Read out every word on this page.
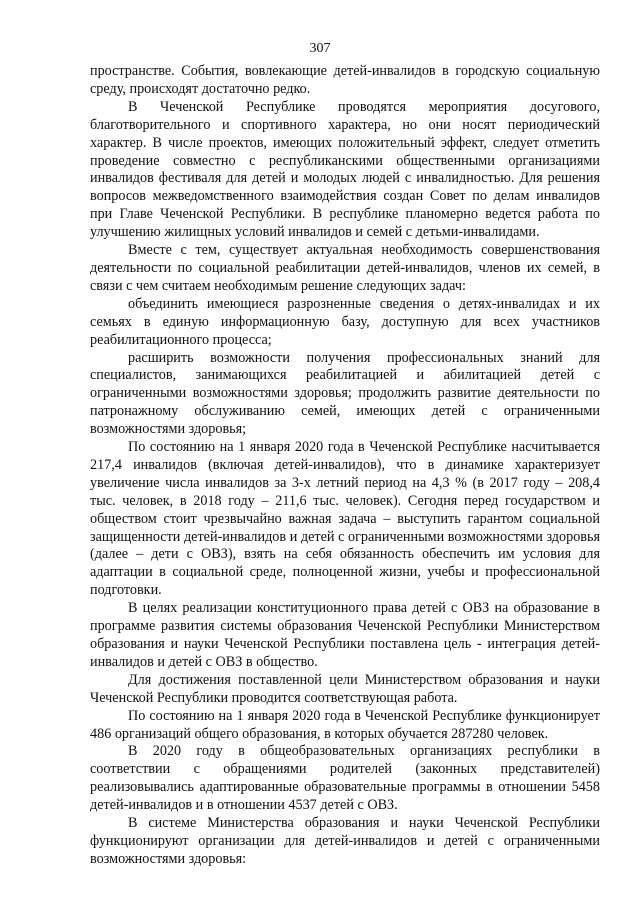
307

пространстве. События, вовлекающие детей-инвалидов в городскую социальную среду, происходят достаточно редко.

В Чеченской Республике проводятся мероприятия досугового, благотворительного и спортивного характера, но они носят периодический характер. В числе проектов, имеющих положительный эффект, следует отметить проведение совместно с республиканскими общественными организациями инвалидов фестиваля для детей и молодых людей с инвалидностью. Для решения вопросов межведомственного взаимодействия создан Совет по делам инвалидов при Главе Чеченской Республики. В республике планомерно ведется работа по улучшению жилищных условий инвалидов и семей с детьми-инвалидами.

Вместе с тем, существует актуальная необходимость совершенствования деятельности по социальной реабилитации детей-инвалидов, членов их семей, в связи с чем считаем необходимым решение следующих задач:

объединить имеющиеся разрозненные сведения о детях-инвалидах и их семьях в единую информационную базу, доступную для всех участников реабилитационного процесса;

расширить возможности получения профессиональных знаний для специалистов, занимающихся реабилитацией и абилитацией детей с ограниченными возможностями здоровья; продолжить развитие деятельности по патронажному обслуживанию семей, имеющих детей с ограниченными возможностями здоровья;

По состоянию на 1 января 2020 года в Чеченской Республике насчитывается 217,4 инвалидов (включая детей-инвалидов), что в динамике характеризует увеличение числа инвалидов за 3-х летний период на 4,3 % (в 2017 году – 208,4 тыс. человек, в 2018 году – 211,6 тыс. человек). Сегодня перед государством и обществом стоит чрезвычайно важная задача – выступить гарантом социальной защищенности детей-инвалидов и детей с ограниченными возможностями здоровья (далее – дети с ОВЗ), взять на себя обязанность обеспечить им условия для адаптации в социальной среде, полноценной жизни, учебы и профессиональной подготовки.

В целях реализации конституционного права детей с ОВЗ на образование в программе развития системы образования Чеченской Республики Министерством образования и науки Чеченской Республики поставлена цель - интеграция детей-инвалидов и детей с ОВЗ в общество.

Для достижения поставленной цели Министерством образования и науки Чеченской Республики проводится соответствующая работа.

По состоянию на 1 января 2020 года в Чеченской Республике функционирует 486 организаций общего образования, в которых обучается 287280 человек.

В 2020 году в общеобразовательных организациях республики в соответствии с обращениями родителей (законных представителей) реализовывались адаптированные образовательные программы в отношении 5458 детей-инвалидов и в отношении 4537 детей с ОВЗ.

В системе Министерства образования и науки Чеченской Республики функционируют организации для детей-инвалидов и детей с ограниченными возможностями здоровья:
